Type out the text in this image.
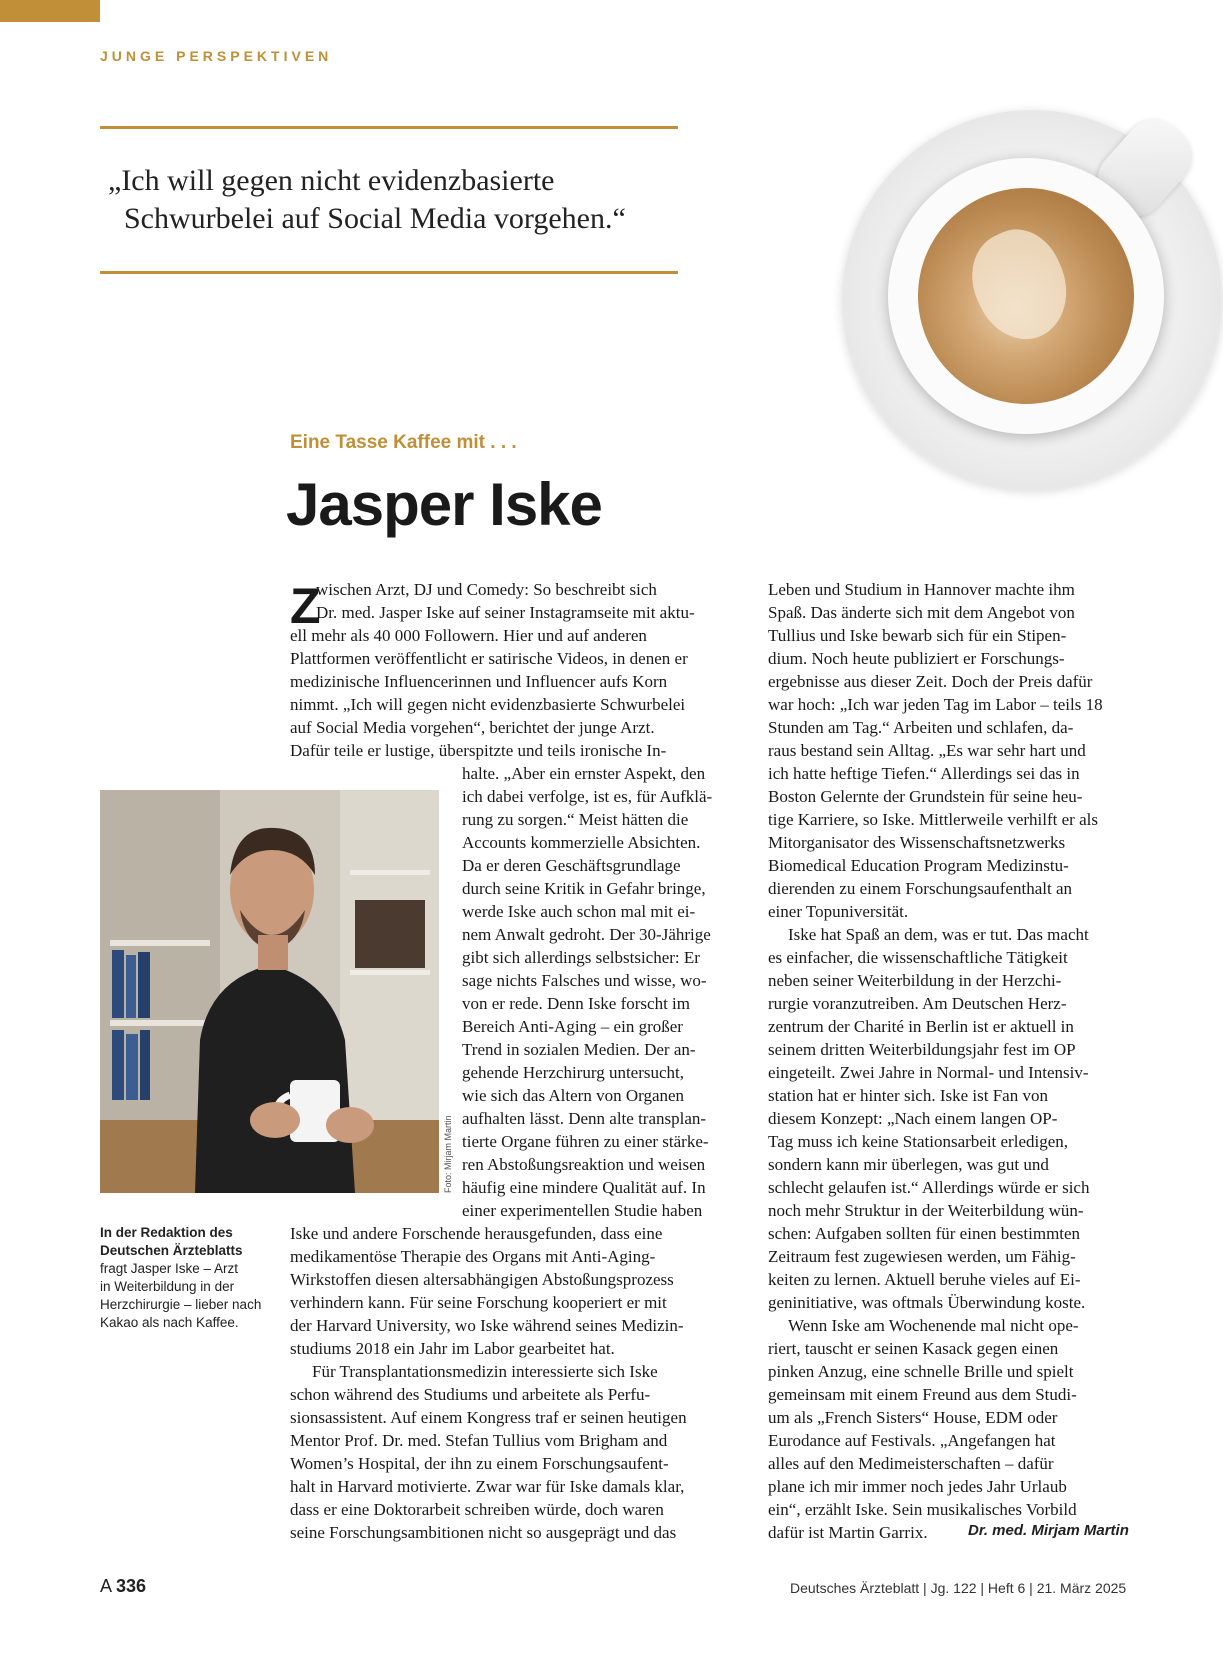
JUNGE PERSPEKTIVEN
„Ich will gegen nicht evidenzbasierte
Schwurbelei auf Social Media vorgehen.“
Eine Tasse Kaffee mit . . .
Jasper Iske
Z
wischen Arzt, DJ und Comedy: So beschreibt sich
Dr. med. Jasper Iske auf seiner Instagramseite mit aktu-
ell mehr als 40 000 Followern. Hier und auf anderen
Plattformen veröffentlicht er satirische Videos, in denen er
medizinische Influencerinnen und Influencer aufs Korn
nimmt. „Ich will gegen nicht evidenzbasierte Schwurbelei
auf Social Media vorgehen“, berichtet der junge Arzt.
Dafür teile er lustige, überspitzte und teils ironische In-
halte. „Aber ein ernster Aspekt, den
ich dabei verfolge, ist es, für Aufklä-
rung zu sorgen.“ Meist hätten die
Accounts kommerzielle Absichten.
Da er deren Geschäftsgrundlage
durch seine Kritik in Gefahr bringe,
werde Iske auch schon mal mit ei-
nem Anwalt gedroht. Der 30-Jährige
gibt sich allerdings selbstsicher: Er
sage nichts Falsches und wisse, wo-
von er rede. Denn Iske forscht im
Bereich Anti-Aging – ein großer
Trend in sozialen Medien. Der an-
gehende Herzchirurg untersucht,
wie sich das Altern von Organen
aufhalten lässt. Denn alte transplan-
tierte Organe führen zu einer stärke-
ren Abstoßungsreaktion und weisen
häufig eine mindere Qualität auf. In
einer experimentellen Studie haben
Iske und andere Forschende herausgefunden, dass eine
medikamentöse Therapie des Organs mit Anti-Aging-
Wirkstoffen diesen altersabhängigen Abstoßungsprozess
verhindern kann. Für seine Forschung kooperiert er mit
der Harvard University, wo Iske während seines Medizin-
studiums 2018 ein Jahr im Labor gearbeitet hat.
Für Transplantationsmedizin interessierte sich Iske
schon während des Studiums und arbeitete als Perfu-
sionsassistent. Auf einem Kongress traf er seinen heutigen
Mentor Prof. Dr. med. Stefan Tullius vom Brigham and
Women’s Hospital, der ihn zu einem Forschungsaufent-
halt in Harvard motivierte. Zwar war für Iske damals klar,
dass er eine Doktorarbeit schreiben würde, doch waren
seine Forschungsambitionen nicht so ausgeprägt und das
Leben und Studium in Hannover machte ihm
Spaß. Das änderte sich mit dem Angebot von
Tullius und Iske bewarb sich für ein Stipen-
dium. Noch heute publiziert er Forschungs-
ergebnisse aus dieser Zeit. Doch der Preis dafür
war hoch: „Ich war jeden Tag im Labor – teils 18
Stunden am Tag.“ Arbeiten und schlafen, da-
raus bestand sein Alltag. „Es war sehr hart und
ich hatte heftige Tiefen.“ Allerdings sei das in
Boston Gelernte der Grundstein für seine heu-
tige Karriere, so Iske. Mittlerweile verhilft er als
Mitorganisator des Wissenschaftsnetzwerks
Biomedical Education Program Medizinstu-
dierenden zu einem Forschungsaufenthalt an
einer Topuniversität.
Iske hat Spaß an dem, was er tut. Das macht
es einfacher, die wissenschaftliche Tätigkeit
neben seiner Weiterbildung in der Herzchi-
rurgie voranzutreiben. Am Deutschen Herz-
zentrum der Charité in Berlin ist er aktuell in
seinem dritten Weiterbildungsjahr fest im OP
eingeteilt. Zwei Jahre in Normal- und Intensiv-
station hat er hinter sich. Iske ist Fan von
diesem Konzept: „Nach einem langen OP-
Tag muss ich keine Stationsarbeit erledigen,
sondern kann mir überlegen, was gut und
schlecht gelaufen ist.“ Allerdings würde er sich
noch mehr Struktur in der Weiterbildung wün-
schen: Aufgaben sollten für einen bestimmten
Zeitraum fest zugewiesen werden, um Fähig-
keiten zu lernen. Aktuell beruhe vieles auf Ei-
geninitiative, was oftmals Überwindung koste.
Wenn Iske am Wochenende mal nicht ope-
riert, tauscht er seinen Kasack gegen einen
pinken Anzug, eine schnelle Brille und spielt
gemeinsam mit einem Freund aus dem Studi-
um als „French Sisters“ House, EDM oder
Eurodance auf Festivals. „Angefangen hat
alles auf den Medimeisterschaften – dafür
plane ich mir immer noch jedes Jahr Urlaub
ein“, erzählt Iske. Sein musikalisches Vorbild
dafür ist Martin Garrix.	Dr. med. Mirjam Martin
Foto: Mirjam Martin
In der Redaktion des
Deutschen Ärzteblatts
fragt Jasper Iske – Arzt
in Weiterbildung in der
Herzchirurgie – lieber nach
Kakao als nach Kaffee.
A 336	Deutsches Ärzteblatt | Jg. 122 | Heft 6 | 21. März 2025
